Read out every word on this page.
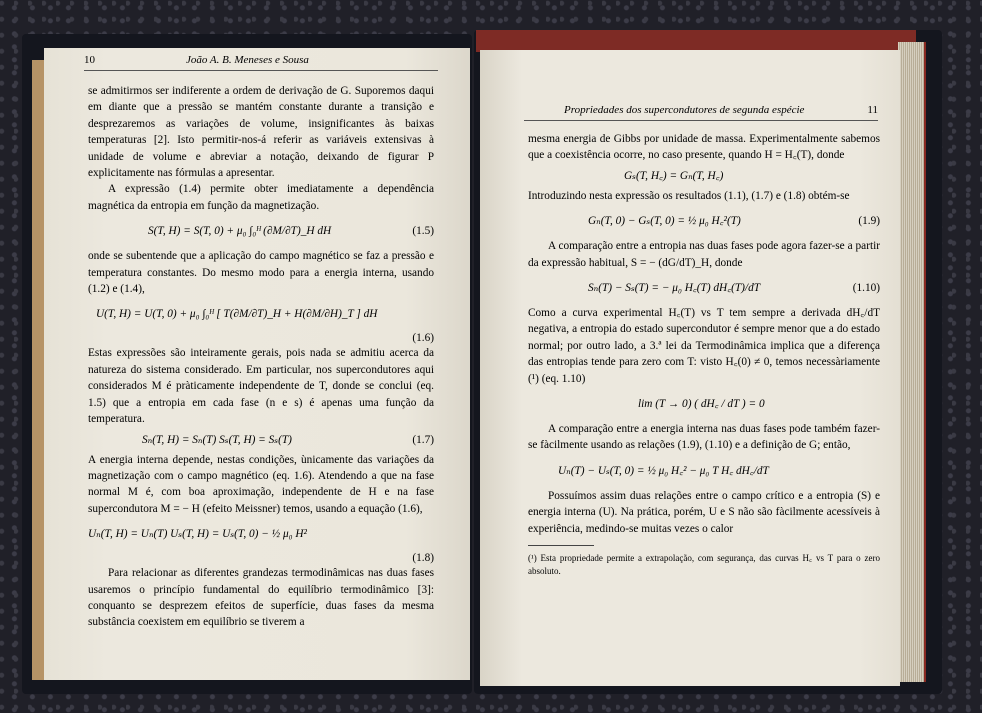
10	João A. B. Meneses e Sousa

se admitirmos ser indiferente a ordem de derivação de G. Suporemos daqui em diante que a pressão se mantém constante durante a transição e desprezaremos as variações de volume, insignificantes às baixas temperaturas [2]. Isto permitir-nos-á referir as variáveis extensivas à unidade de volume e abreviar a notação, deixando de figurar P explicitamente nas fórmulas a apresentar.

A expressão (1.4) permite obter imediatamente a dependência magnética da entropia em função da magnetização.

S(T, H) = S(T, 0) + μ₀ ∫₀ᴴ (∂M/∂T)_H dH	(1.5)

onde se subentende que a aplicação do campo magnético se faz a pressão e temperatura constantes. Do mesmo modo para a energia interna, usando (1.2) e (1.4),

U(T, H) = U(T, 0) + μ₀ ∫₀ᴴ [ T(∂M/∂T)_H + H(∂M/∂H)_T ] dH
(1.6)

Estas expressões são inteiramente gerais, pois nada se admitiu acerca da natureza do sistema considerado. Em particular, nos supercondutores aqui considerados M é pràticamente independente de T, donde se conclui (eq. 1.5) que a entropia em cada fase (n e s) é apenas uma função da temperatura.

Sₙ(T, H) = Sₙ(T) Sₛ(T, H) = Sₛ(T)	(1.7)

A energia interna depende, nestas condições, ùnicamente das variações da magnetização com o campo magnético (eq. 1.6). Atendendo a que na fase normal M é, com boa aproximação, independente de H e na fase supercondutora M = − H (efeito Meissner) temos, usando a equação (1.6),

Uₙ(T, H) = Uₙ(T) Uₛ(T, H) = Uₛ(T, 0) − ½ μ₀ H²
(1.8)

Para relacionar as diferentes grandezas termodinâmicas nas duas fases usaremos o princípio fundamental do equilíbrio termodinâmico [3]: conquanto se desprezem efeitos de superfície, duas fases da mesma substância coexistem em equilíbrio se tiverem a

Propriedades dos supercondutores de segunda espécie	11

mesma energia de Gibbs por unidade de massa. Experimentalmente sabemos que a coexistência ocorre, no caso presente, quando H = H꜀(T), donde

Gₛ(T, H꜀) = Gₙ(T, H꜀)

Introduzindo nesta expressão os resultados (1.1), (1.7) e (1.8) obtém-se

Gₙ(T, 0) − Gₛ(T, 0) = ½ μ₀ H꜀²(T)	(1.9)

A comparação entre a entropia nas duas fases pode agora fazer-se a partir da expressão habitual, S = − (dG/dT)_H, donde

Sₙ(T) − Sₛ(T) = − μ₀ H꜀(T) dH꜀(T)/dT	(1.10)

Como a curva experimental H꜀(T) vs T tem sempre a derivada dH꜀/dT negativa, a entropia do estado supercondutor é sempre menor que a do estado normal; por outro lado, a 3.ª lei da Termodinâmica implica que a diferença das entropias tende para zero com T: visto H꜀(0) ≠ 0, temos necessàriamente (¹) (eq. 1.10)

lim (T → 0) ( dH꜀ / dT ) = 0

A comparação entre a energia interna nas duas fases pode também fazer-se fàcilmente usando as relações (1.9), (1.10) e a definição de G; então,

Uₙ(T) − Uₛ(T, 0) = ½ μ₀ H꜀² − μ₀ T H꜀ dH꜀/dT

Possuímos assim duas relações entre o campo crítico e a entropia (S) e energia interna (U). Na prática, porém, U e S não são fàcilmente acessíveis à experiência, medindo-se muitas vezes o calor

(¹) Esta propriedade permite a extrapolação, com segurança, das curvas H꜀ vs T para o zero absoluto.
